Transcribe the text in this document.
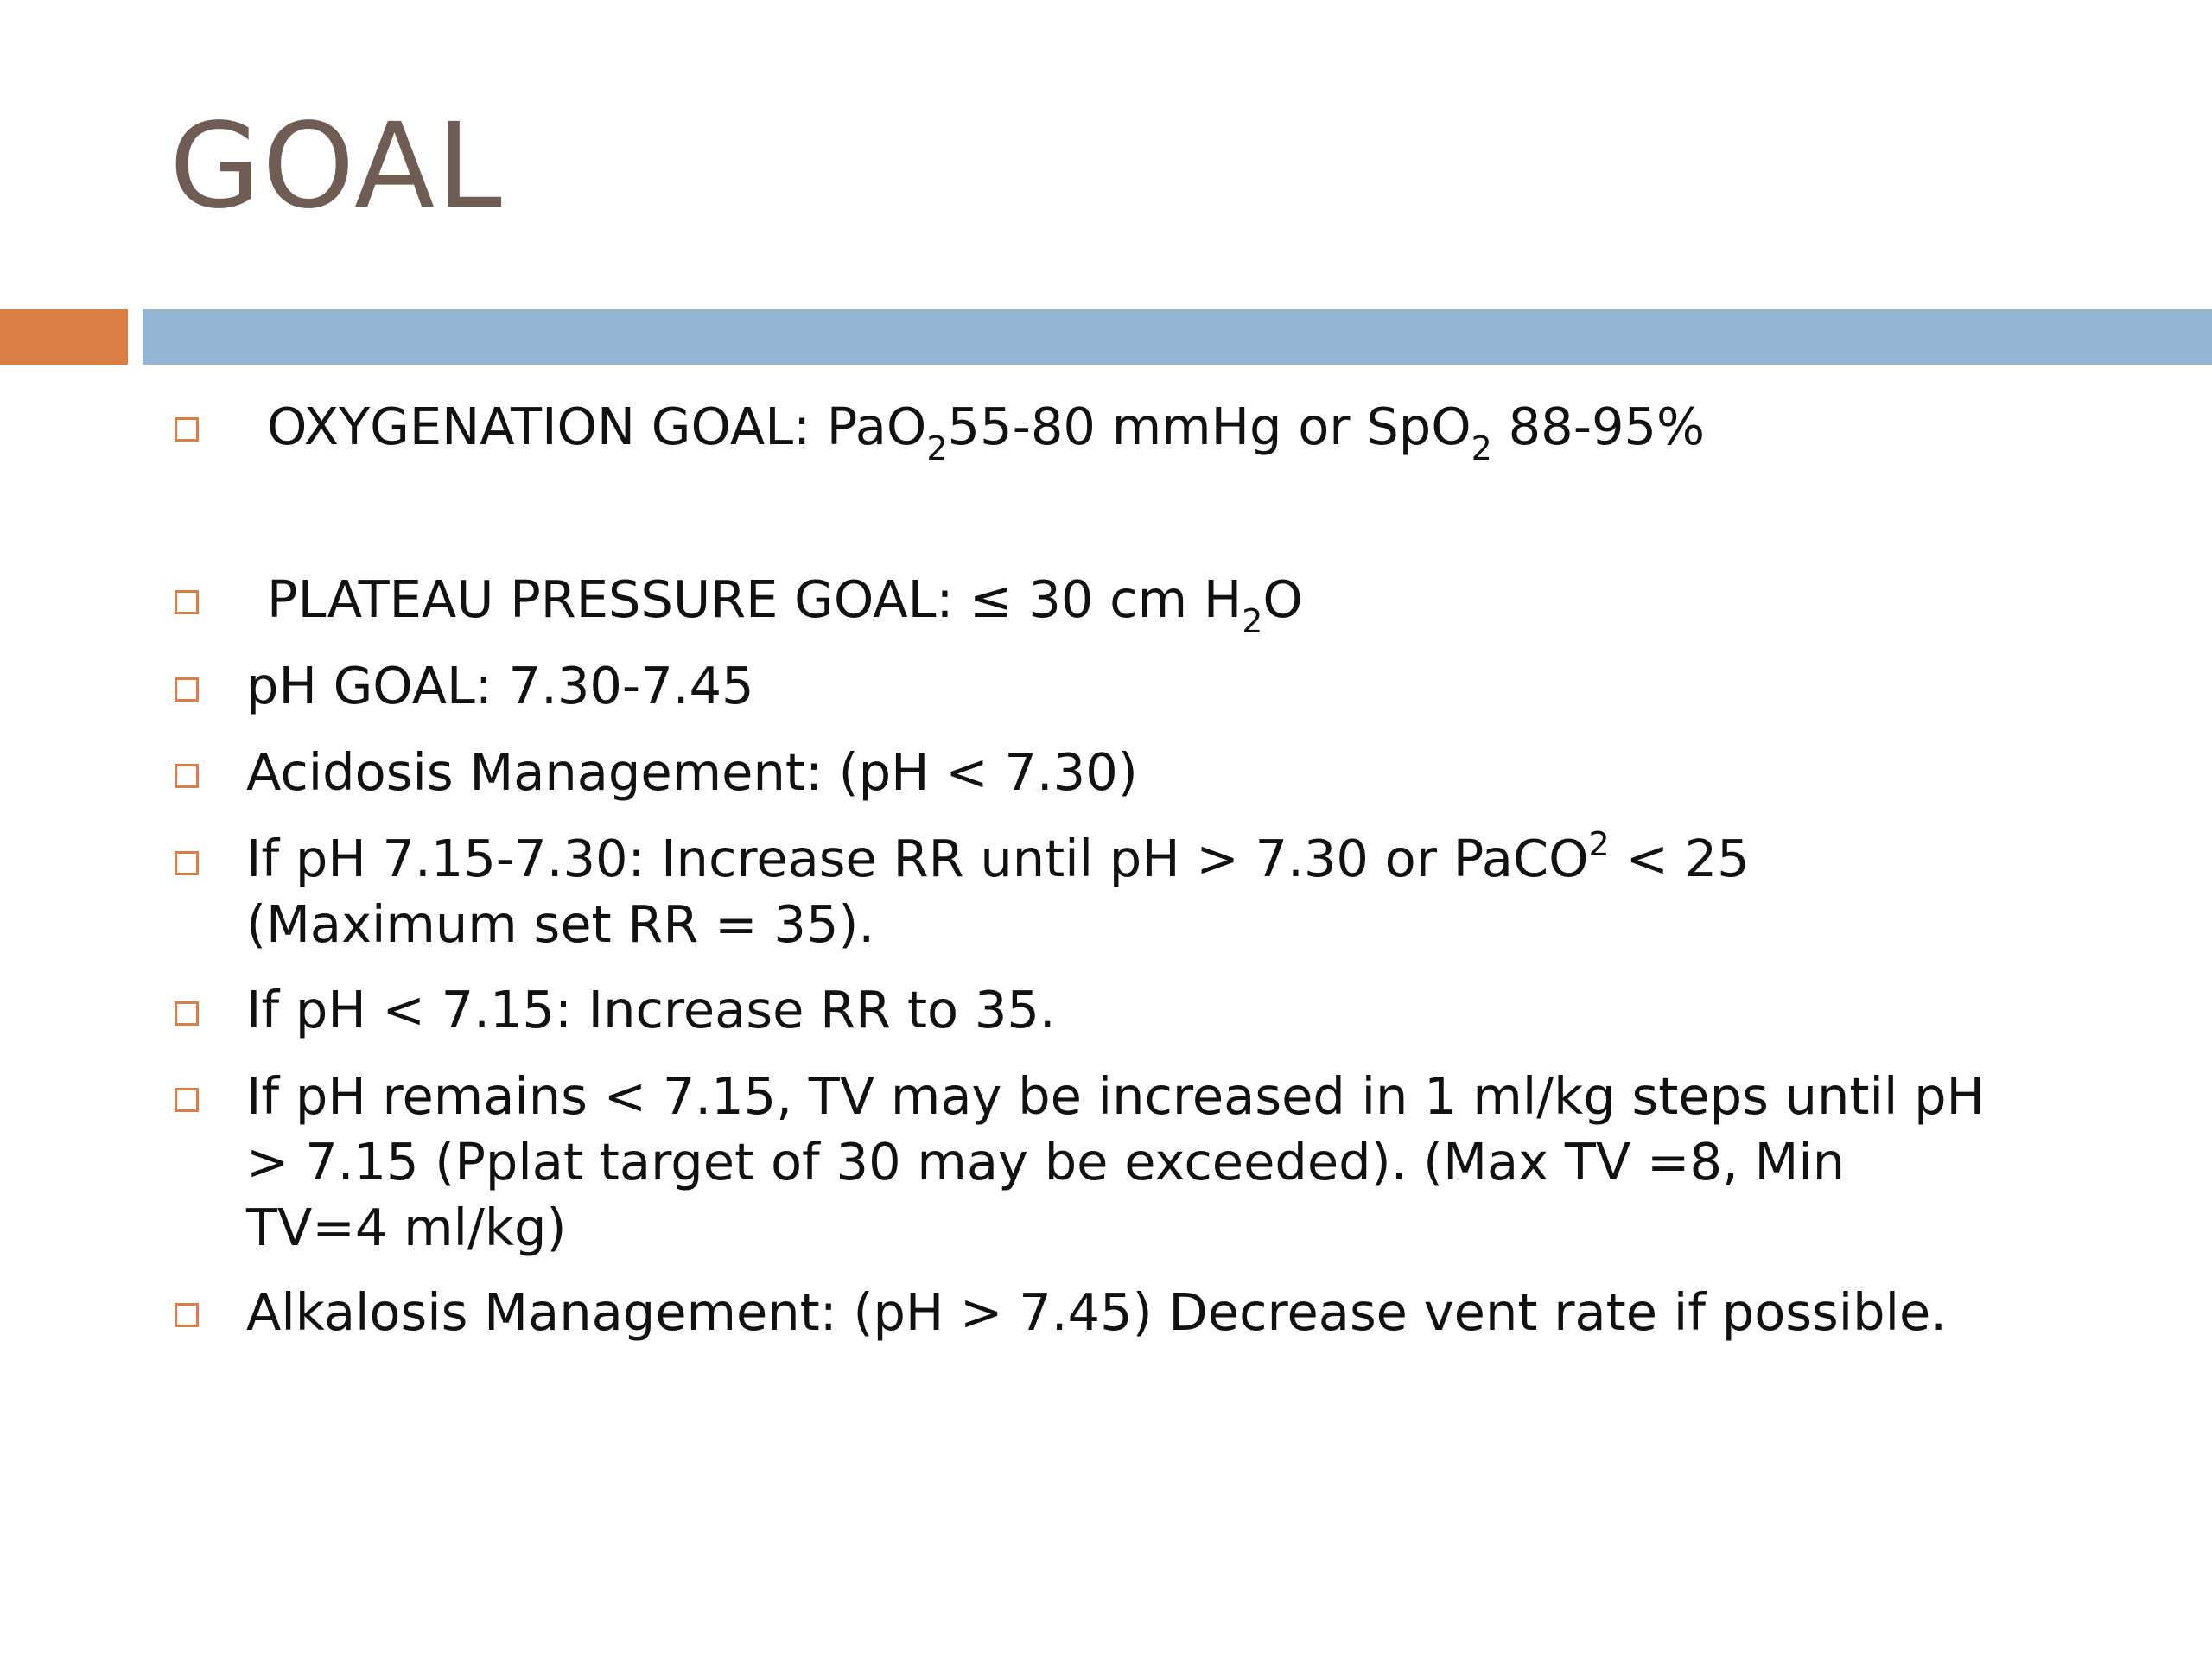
GOAL
OXYGENATION GOAL: PaO$_2$55-80 mmHg or SpO$_2$ 88-95%
PLATEAU PRESSURE GOAL: ≤ 30 cm $H_2O$
pH GOAL: 7.30-7.45
Acidosis Management: (pH < 7.30)
If pH 7.15-7.30: Increase RR until pH > 7.30 or PaCO$^2$ < 25
(Maximum set RR = 35).
If pH < 7.15: Increase RR to 35.
If pH remains < 7.15, TV may be increased in 1 ml/kg steps until pH
> 7.15 (Pplat target of 30 may be exceeded). (Max TV =8, Min
TV=4 ml/kg)
Alkalosis Management: (pH > 7.45) Decrease vent rate if possible.
